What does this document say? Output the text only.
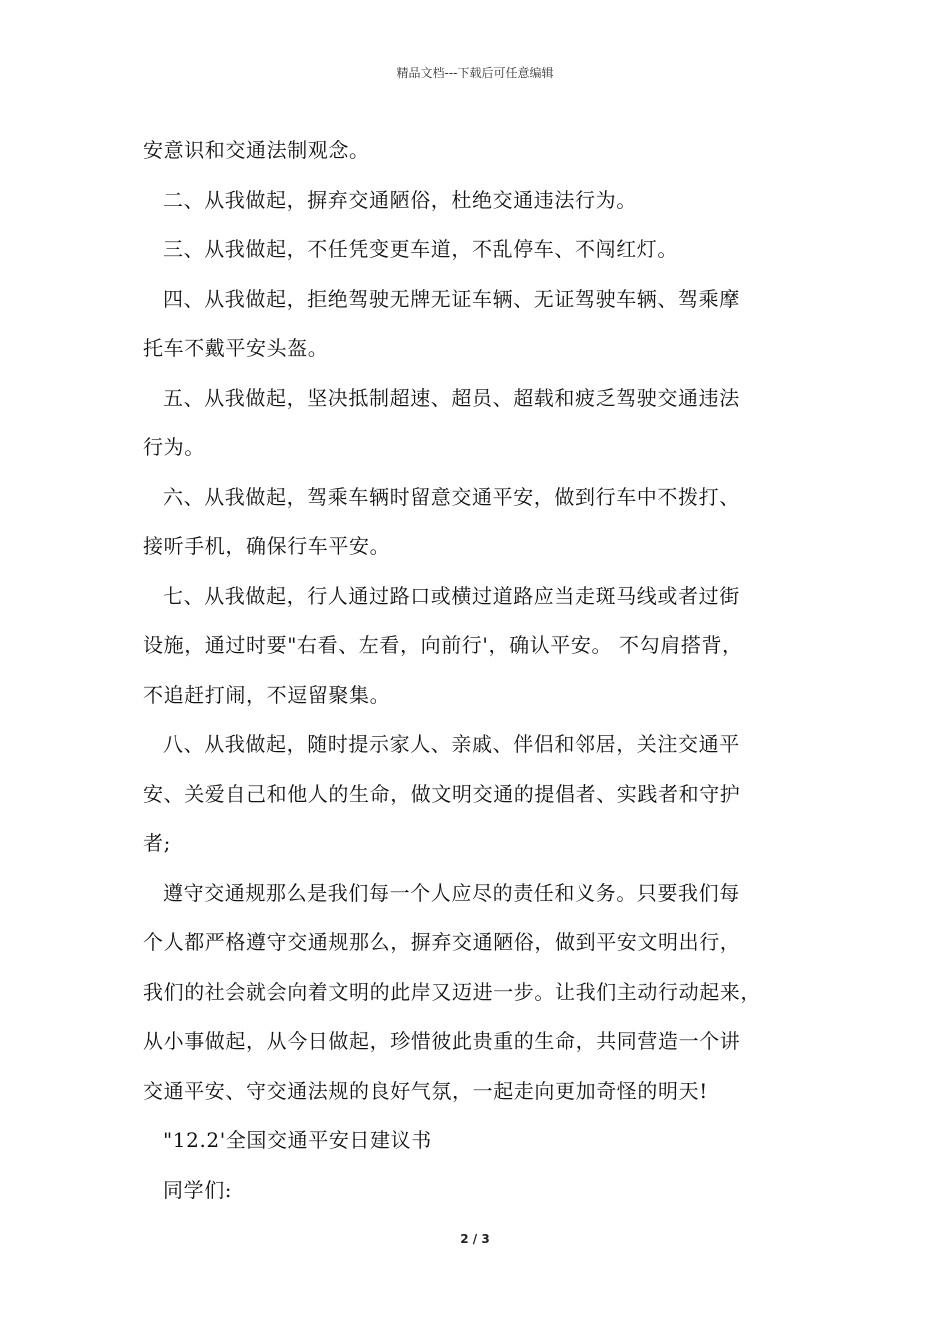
精品文档---下载后可任意编辑
安意识和交通法制观念。
二、从我做起，摒弃交通陋俗，杜绝交通违法行为。
三、从我做起，不任凭变更车道，不乱停车、不闯红灯。
四、从我做起，拒绝驾驶无牌无证车辆、无证驾驶车辆、驾乘摩
托车不戴平安头盔。
五、从我做起，坚决抵制超速、超员、超载和疲乏驾驶交通违法
行为。
六、从我做起，驾乘车辆时留意交通平安，做到行车中不拨打、
接听手机，确保行车平安。
七、从我做起，行人通过路口或横过道路应当走斑马线或者过街
设施，通过时要"右看、左看，向前行'，确认平安。 不勾肩搭背，
不追赶打闹，不逗留聚集。
八、从我做起，随时提示家人、亲戚、伴侣和邻居，关注交通平
安、关爱自己和他人的生命，做文明交通的提倡者、实践者和守护
者;
遵守交通规那么是我们每一个人应尽的责任和义务。只要我们每
个人都严格遵守交通规那么，摒弃交通陋俗，做到平安文明出行，
我们的社会就会向着文明的此岸又迈进一步。让我们主动行动起来，
从小事做起，从今日做起，珍惜彼此贵重的生命，共同营造一个讲
交通平安、守交通法规的良好气氛，一起走向更加奇怪的明天!
"12.2'全国交通平安日建议书
同学们:
2 / 3
